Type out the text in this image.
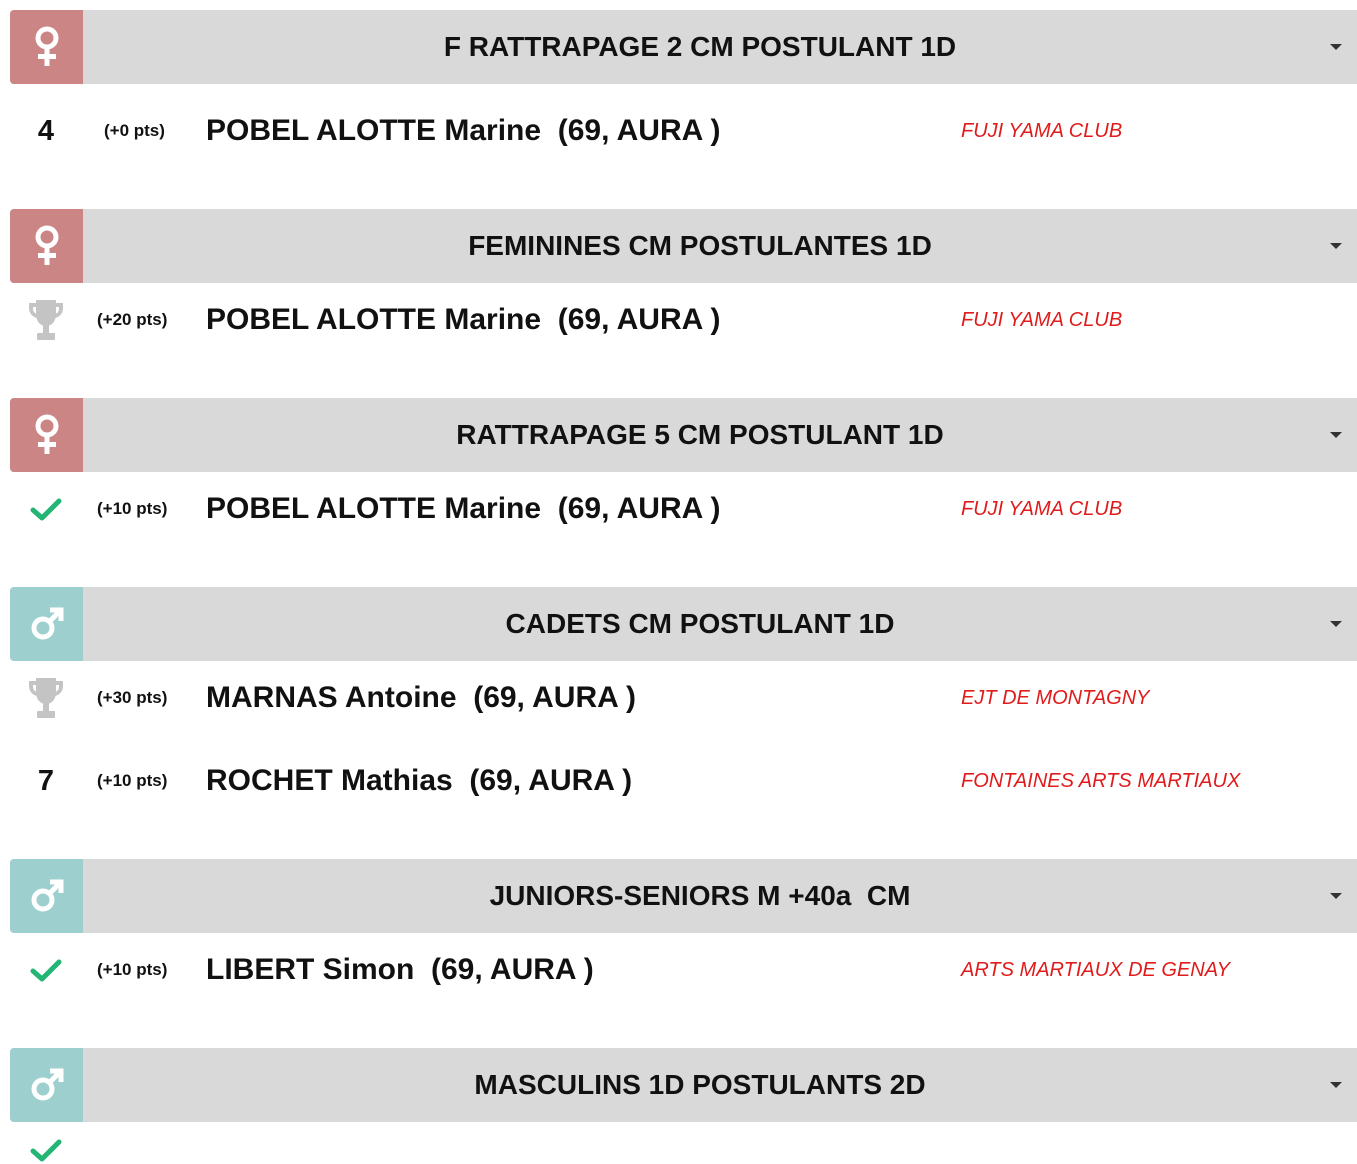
F RATTRAPAGE 2 CM POSTULANT 1D
4	(+0 pts) POBEL ALOTTE Marine  (69, AURA )	FUJI YAMA CLUB
FEMININES CM POSTULANTES 1D
(+20 pts) POBEL ALOTTE Marine  (69, AURA )	FUJI YAMA CLUB
RATTRAPAGE 5 CM POSTULANT 1D
(+10 pts) POBEL ALOTTE Marine  (69, AURA )	FUJI YAMA CLUB
CADETS CM POSTULANT 1D
(+30 pts) MARNAS Antoine  (69, AURA )	EJT DE MONTAGNY
7	(+10 pts) ROCHET Mathias  (69, AURA )	FONTAINES ARTS MARTIAUX
JUNIORS-SENIORS M +40a  CM
(+10 pts) LIBERT Simon  (69, AURA )	ARTS MARTIAUX DE GENAY
MASCULINS 1D POSTULANTS 2D
